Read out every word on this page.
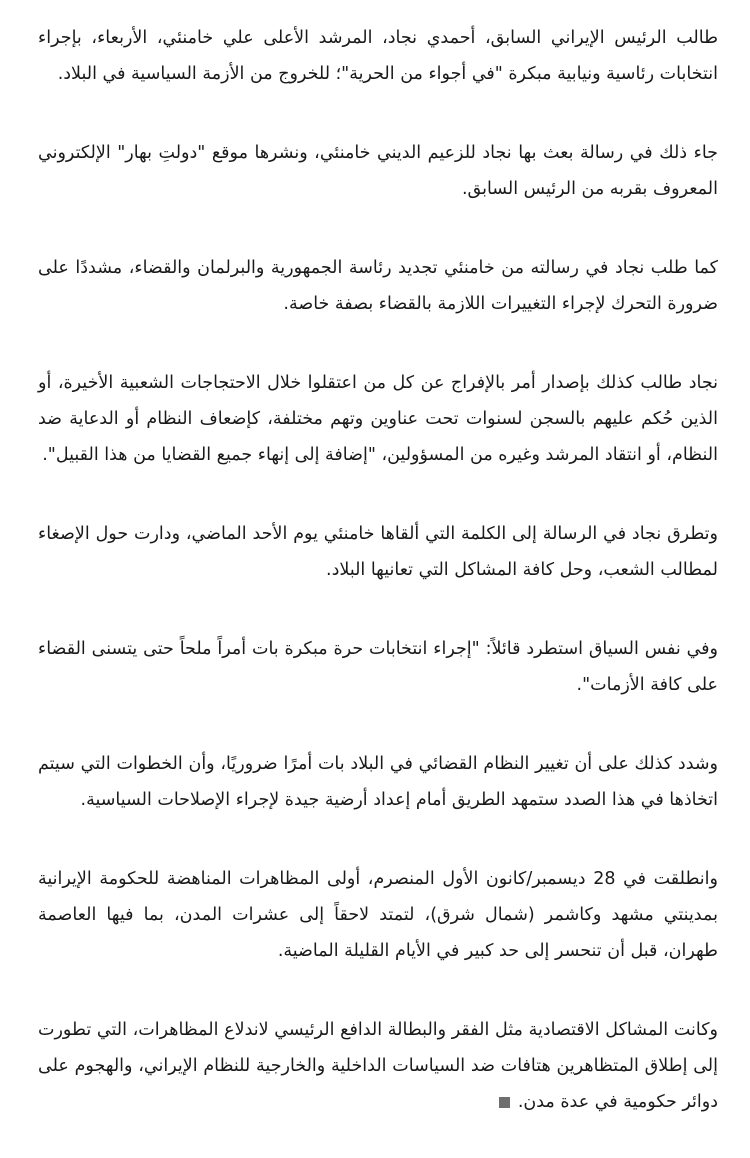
طالب الرئيس الإيراني السابق، أحمدي نجاد، المرشد الأعلى علي خامنئي، الأربعاء، بإجراء انتخابات رئاسية ونيابية مبكرة "في أجواء من الحرية"؛ للخروج من الأزمة السياسية في البلاد.

جاء ذلك في رسالة بعث بها نجاد للزعيم الديني خامنئي، ونشرها موقع "دولتِ بهار" الإلكتروني المعروف بقربه من الرئيس السابق.

كما طلب نجاد في رسالته من خامنئي تجديد رئاسة الجمهورية والبرلمان والقضاء، مشددًا على ضرورة التحرك لإجراء التغييرات اللازمة بالقضاء بصفة خاصة.

نجاد طالب كذلك بإصدار أمر بالإفراج عن كل من اعتقلوا خلال الاحتجاجات الشعبية الأخيرة، أو الذين حُكم عليهم بالسجن لسنوات تحت عناوين وتهم مختلفة، كإضعاف النظام أو الدعاية ضد النظام، أو انتقاد المرشد وغيره من المسؤولين، "إضافة إلى إنهاء جميع القضايا من هذا القبيل".

وتطرق نجاد في الرسالة إلى الكلمة التي ألقاها خامنئي يوم الأحد الماضي، ودارت حول الإصغاء لمطالب الشعب، وحل كافة المشاكل التي تعانيها البلاد.

وفي نفس السياق استطرد قائلاً: "إجراء انتخابات حرة مبكرة بات أمراً ملحاً حتى يتسنى القضاء على كافة الأزمات".

وشدد كذلك على أن تغيير النظام القضائي في البلاد بات أمرًا ضروريًا، وأن الخطوات التي سيتم اتخاذها في هذا الصدد ستمهد الطريق أمام إعداد أرضية جيدة لإجراء الإصلاحات السياسية.

وانطلقت في 28 ديسمبر/كانون الأول المنصرم، أولى المظاهرات المناهضة للحكومة الإيرانية بمدينتي مشهد وكاشمر (شمال شرق)، لتمتد لاحقاً إلى عشرات المدن، بما فيها العاصمة طهران، قبل أن تنحسر إلى حد كبير في الأيام القليلة الماضية.

وكانت المشاكل الاقتصادية مثل الفقر والبطالة الدافع الرئيسي لاندلاع المظاهرات، التي تطورت إلى إطلاق المتظاهرين هتافات ضد السياسات الداخلية والخارجية للنظام الإيراني، والهجوم على دوائر حكومية في عدة مدن.
